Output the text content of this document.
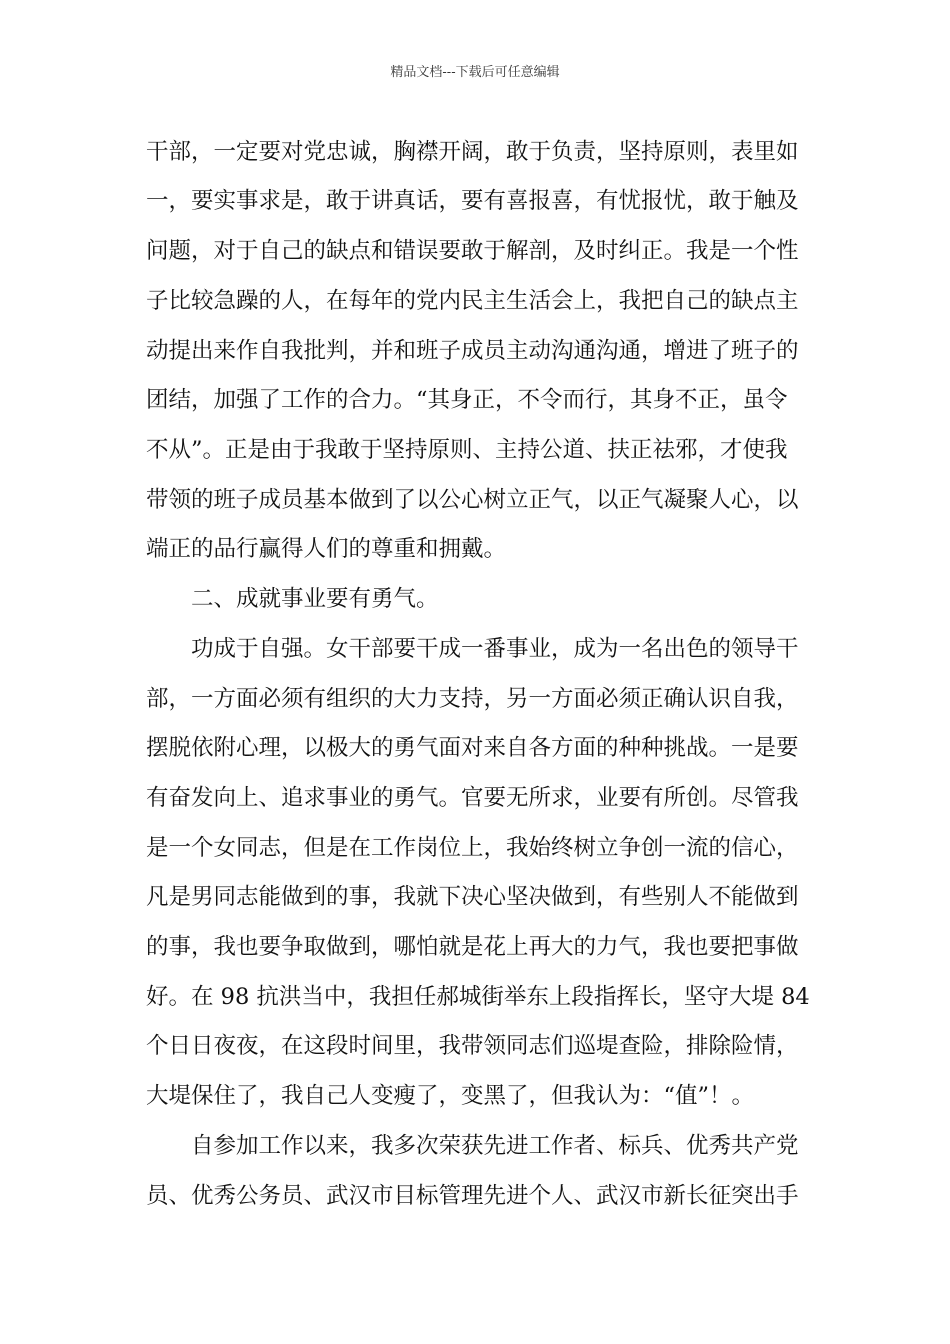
精品文档---下载后可任意编辑
干部，一定要对党忠诚，胸襟开阔，敢于负责，坚持原则，表里如
一，要实事求是，敢于讲真话，要有喜报喜，有忧报忧，敢于触及
问题，对于自己的缺点和错误要敢于解剖，及时纠正。我是一个性
子比较急躁的人，在每年的党内民主生活会上，我把自己的缺点主
动提出来作自我批判，并和班子成员主动沟通沟通，增进了班子的
团结，加强了工作的合力。“其身正，不令而行，其身不正，虽令
不从”。正是由于我敢于坚持原则、主持公道、扶正祛邪，才使我
带领的班子成员基本做到了以公心树立正气，以正气凝聚人心，以
端正的品行赢得人们的尊重和拥戴。
二、成就事业要有勇气。
功成于自强。女干部要干成一番事业，成为一名出色的领导干
部，一方面必须有组织的大力支持，另一方面必须正确认识自我，
摆脱依附心理，以极大的勇气面对来自各方面的种种挑战。一是要
有奋发向上、追求事业的勇气。官要无所求，业要有所创。尽管我
是一个女同志，但是在工作岗位上，我始终树立争创一流的信心，
凡是男同志能做到的事，我就下决心坚决做到，有些别人不能做到
的事，我也要争取做到，哪怕就是花上再大的力气，我也要把事做
好。在 98 抗洪当中，我担任郝城街举东上段指挥长，坚守大堤 84
个日日夜夜，在这段时间里，我带领同志们巡堤查险，排除险情，
大堤保住了，我自己人变瘦了，变黑了，但我认为：“值”！。
自参加工作以来，我多次荣获先进工作者、标兵、优秀共产党
员、优秀公务员、武汉市目标管理先进个人、武汉市新长征突出手
